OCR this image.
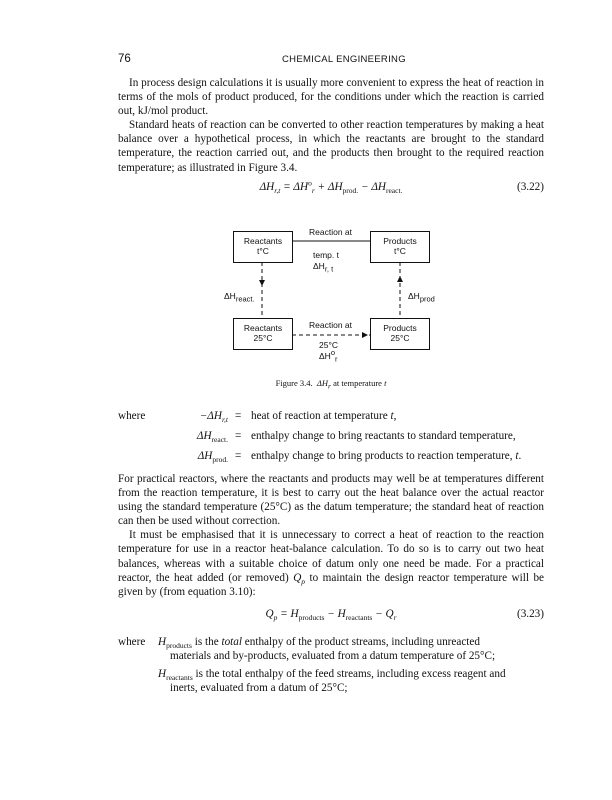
76	CHEMICAL ENGINEERING

In process design calculations it is usually more convenient to express the heat of reaction in terms of the mols of product produced, for the conditions under which the reaction is carried out, kJ/mol product.

Standard heats of reaction can be converted to other reaction temperatures by making a heat balance over a hypothetical process, in which the reactants are brought to the standard temperature, the reaction carried out, and the products then brought to the required reaction temperature; as illustrated in Figure 3.4.

$\Delta H_{r,t} = \Delta H^o_r + \Delta H_{prod.} - \Delta H_{react.}$	(3.22)
Reactants
t°C
Products
t°C
Reactants
25°C
Products
25°C
Reaction at
temp. t
$\Delta H_{r, t}$
Reaction at
25°C
$\Delta H^o_r$
$\Delta H_{react.}$	$\Delta H_{prod}$
Figure 3.4. $\Delta H_r$ at temperature t
where	$-\Delta H_{r,t}$ = heat of reaction at temperature t,
$\Delta H_{react.}$ = enthalpy change to bring reactants to standard temperature,
$\Delta H_{prod.}$ = enthalpy change to bring products to reaction temperature, t.

For practical reactors, where the reactants and products may well be at temperatures different from the reaction temperature, it is best to carry out the heat balance over the actual reactor using the standard temperature (25°C) as the datum temperature; the standard heat of reaction can then be used without correction.

It must be emphasised that it is unnecessary to correct a heat of reaction to the reaction temperature for use in a reactor heat-balance calculation. To do so is to carry out two heat balances, whereas with a suitable choice of datum only one need be made. For a practical reactor, the heat added (or removed) $Q_p$ to maintain the design reactor temperature will be given by (from equation 3.10):

$Q_p = H_{products} - H_{reactants} - Q_r$	(3.23)
where $H_{products}$ is the total enthalpy of the product streams, including unreacted
materials and by-products, evaluated from a datum temperature of 25°C;
$H_{reactants}$ is the total enthalpy of the feed streams, including excess reagent and
inerts, evaluated from a datum of 25°C;
